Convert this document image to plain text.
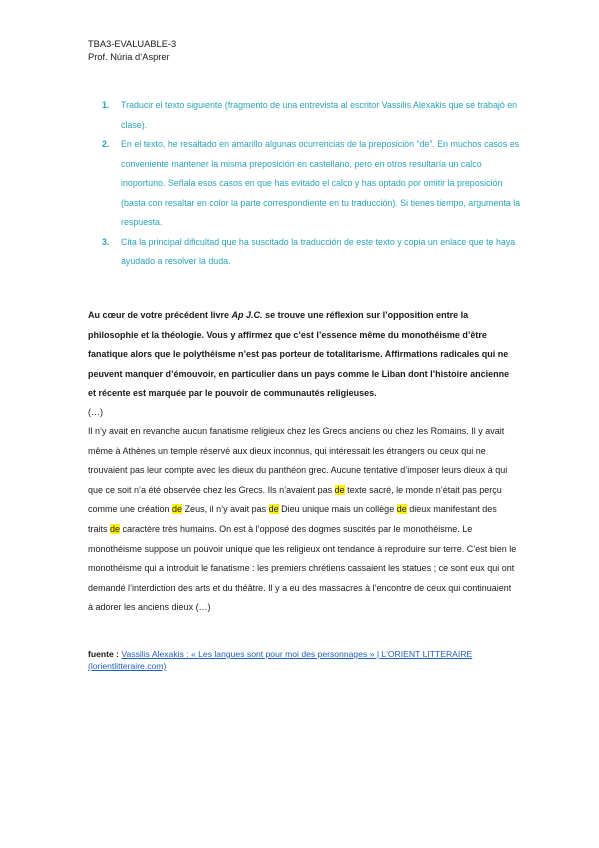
TBA3-EVALUABLE-3
Prof. Núria d’Asprer
1. Traducir el texto siguiente (fragmento de una entrevista al escritor Vassilis Alexakis que se trabajó en clase).
2. En el texto, he resaltado en amarillo algunas ocurrencias de la preposición “de”. En muchos casos es conveniente mantener la misma preposición en castellano, pero en otros resultaría un calco inoportuno. Señala esos casos en que has evitado el calco y has optado por omitir la preposición (basta con resaltar en color la parte correspondiente en tu traducción). Si tienes tiempo, argumenta la respuesta.
3. Cita la principal dificultad que ha suscitado la traducción de este texto y copia un enlace que te haya ayudado a resolver la duda.
Au cœur de votre précédent livre Ap J.C. se trouve une réflexion sur l’opposition entre la philosophie et la théologie. Vous y affirmez que c’est l’essence même du monothéisme d’être fanatique alors que le polythéisme n’est pas porteur de totalitarisme. Affirmations radicales qui ne peuvent manquer d’émouvoir, en particulier dans un pays comme le Liban dont l’histoire ancienne et récente est marquée par le pouvoir de communautés religieuses.
(…)
Il n’y avait en revanche aucun fanatisme religieux chez les Grecs anciens ou chez les Romains. Il y avait même à Athènes un temple réservé aux dieux inconnus, qui intéressait les étrangers ou ceux qui ne trouvaient pas leur compte avec les dieux du panthéon grec. Aucune tentative d’imposer leurs dieux à qui que ce soit n’a été observée chez les Grecs. Ils n’avaient pas de texte sacré, le monde n’était pas perçu comme une création de Zeus, il n’y avait pas de Dieu unique mais un collège de dieux manifestant des traits de caractère très humains. On est à l’opposé des dogmes suscités par le monothéisme. Le monothéisme suppose un pouvoir unique que les religieux ont tendance à reproduire sur terre. C’est bien le monothéisme qui a introduit le fanatisme : les premiers chrétiens cassaient les statues ; ce sont eux qui ont demandé l’interdiction des arts et du théâtre. Il y a eu des massacres à l’encontre de ceux qui continuaient à adorer les anciens dieux (…)
fuente : Vassilis Alexakis : « Les langues sont pour moi des personnages » | L'ORIENT LITTERAIRE (lorientlitteraire.com)
